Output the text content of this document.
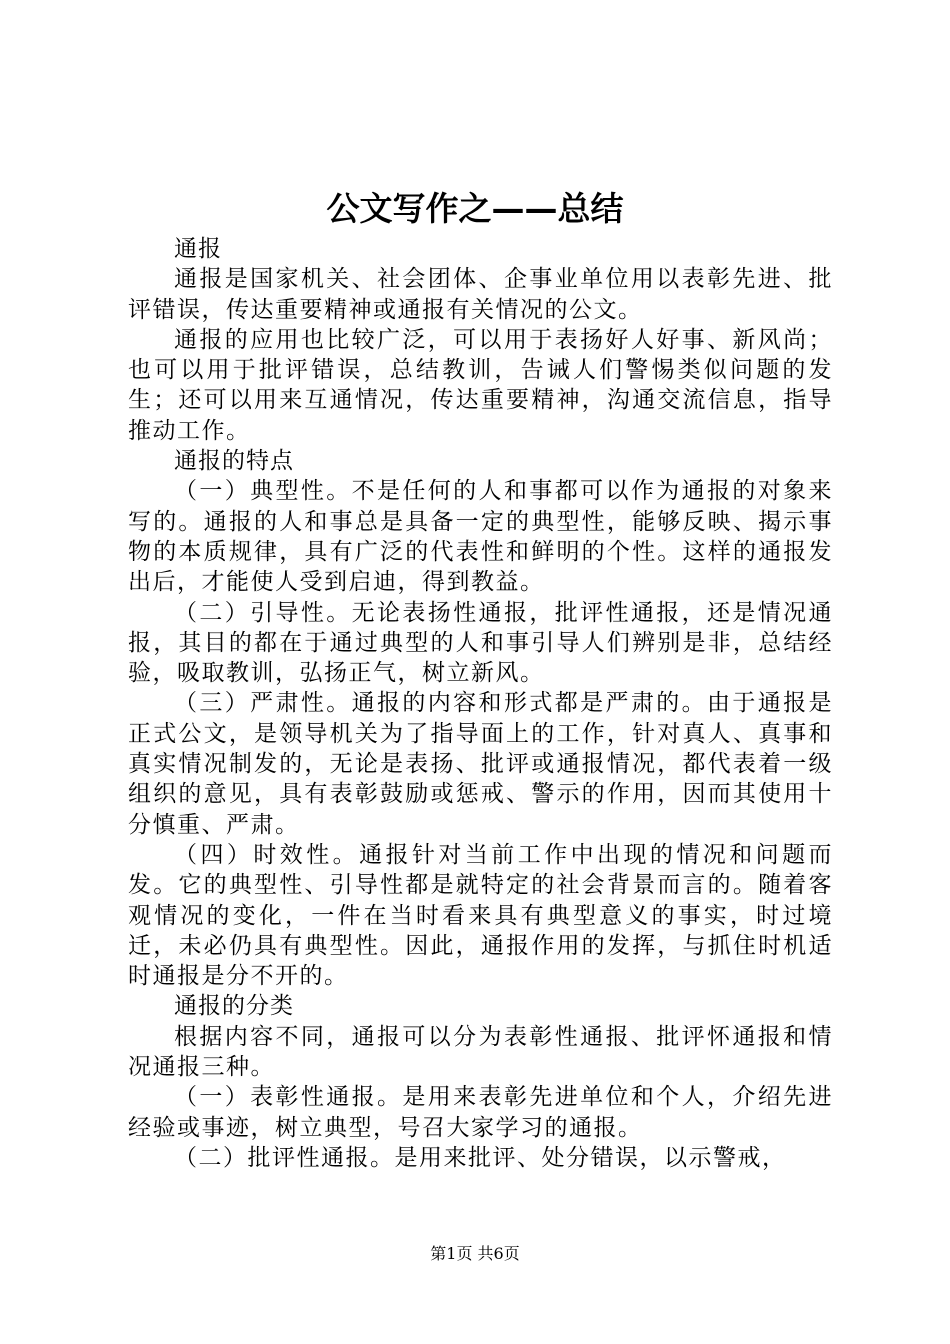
公文写作之——总结

通报

通报是国家机关、社会团体、企事业单位用以表彰先进、批评错误，传达重要精神或通报有关情况的公文。

通报的应用也比较广泛，可以用于表扬好人好事、新风尚；也可以用于批评错误，总结教训，告诫人们警惕类似问题的发生；还可以用来互通情况，传达重要精神，沟通交流信息，指导推动工作。

通报的特点

（一）典型性。不是任何的人和事都可以作为通报的对象来写的。通报的人和事总是具备一定的典型性，能够反映、揭示事物的本质规律，具有广泛的代表性和鲜明的个性。这样的通报发出后，才能使人受到启迪，得到教益。

（二）引导性。无论表扬性通报，批评性通报，还是情况通报，其目的都在于通过典型的人和事引导人们辨别是非，总结经验，吸取教训，弘扬正气，树立新风。

（三）严肃性。通报的内容和形式都是严肃的。由于通报是正式公文，是领导机关为了指导面上的工作，针对真人、真事和真实情况制发的，无论是表扬、批评或通报情况，都代表着一级组织的意见，具有表彰鼓励或惩戒、警示的作用，因而其使用十分慎重、严肃。

（四）时效性。通报针对当前工作中出现的情况和问题而发。它的典型性、引导性都是就特定的社会背景而言的。随着客观情况的变化，一件在当时看来具有典型意义的事实，时过境迁，未必仍具有典型性。因此，通报作用的发挥，与抓住时机适时通报是分不开的。

通报的分类

根据内容不同，通报可以分为表彰性通报、批评怀通报和情况通报三种。

（一）表彰性通报。是用来表彰先进单位和个人，介绍先进经验或事迹，树立典型，号召大家学习的通报。

（二）批评性通报。是用来批评、处分错误，以示警戒，

第1页 共6页
